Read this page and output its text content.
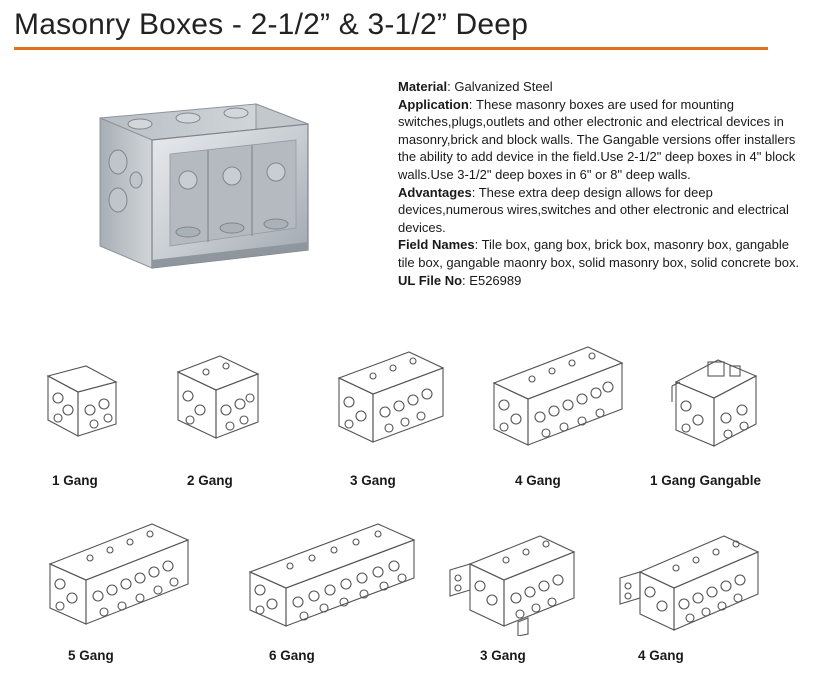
Masonry Boxes - 2-1/2” & 3-1/2” Deep

Material: Galvanized Steel

Application: These masonry boxes are used for mounting switches,plugs,outlets and other electronic and electrical devices in masonry,brick and block walls. The Gangable versions offer installers the ability to add device in the field.Use 2-1/2" deep boxes in 4" block walls.Use 3-1/2" deep boxes in 6" or 8" deep walls.

Advantages: These extra deep design allows for deep devices,numerous wires,switches and other electronic and electrical devices.

Field Names: Tile box, gang box, brick box, masonry box, gangable tile box, gangable maonry box, solid masonry box, solid concrete box.

UL File No: E526989

1 Gang	2 Gang	3 Gang	4 Gang	1 Gang Gangable
5 Gang	6 Gang	3 Gang	4 Gang
